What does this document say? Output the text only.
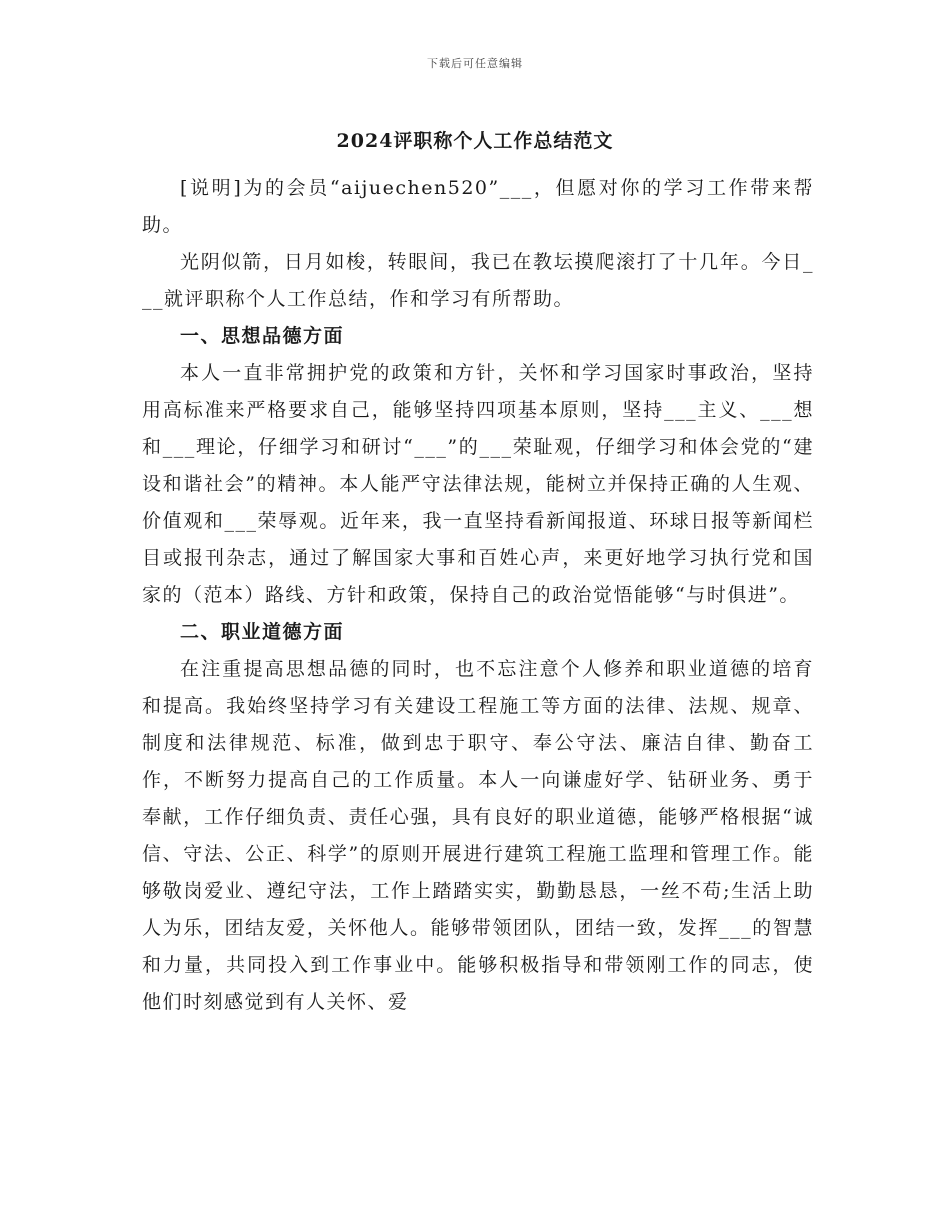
下载后可任意编辑
2024评职称个人工作总结范文

[说明]为的会员“aijuechen520”___，但愿对你的学习工作带来帮助。

光阴似箭，日月如梭，转眼间，我已在教坛摸爬滚打了十几年。今日___就评职称个人工作总结，作和学习有所帮助。

一、思想品德方面

本人一直非常拥护党的政策和方针，关怀和学习国家时事政治，坚持用高标准来严格要求自己，能够坚持四项基本原则，坚持___主义、___想和___理论，仔细学习和研讨“___”的___荣耻观，仔细学习和体会党的“建设和谐社会”的精神。本人能严守法律法规，能树立并保持正确的人生观、价值观和___荣辱观。近年来，我一直坚持看新闻报道、环球日报等新闻栏目或报刊杂志，通过了解国家大事和百姓心声，来更好地学习执行党和国家的（范本）路线、方针和政策，保持自己的政治觉悟能够“与时俱进”。

二、职业道德方面

在注重提高思想品德的同时，也不忘注意个人修养和职业道德的培育和提高。我始终坚持学习有关建设工程施工等方面的法律、法规、规章、制度和法律规范、标准，做到忠于职守、奉公守法、廉洁自律、勤奋工作，不断努力提高自己的工作质量。本人一向谦虚好学、钻研业务、勇于奉献，工作仔细负责、责任心强，具有良好的职业道德，能够严格根据“诚信、守法、公正、科学”的原则开展进行建筑工程施工监理和管理工作。能够敬岗爱业、遵纪守法，工作上踏踏实实，勤勤恳恳，一丝不苟;生活上助人为乐，团结友爱，关怀他人。能够带领团队，团结一致，发挥___的智慧和力量，共同投入到工作事业中。能够积极指导和带领刚工作的同志，使他们时刻感觉到有人关怀、爱
